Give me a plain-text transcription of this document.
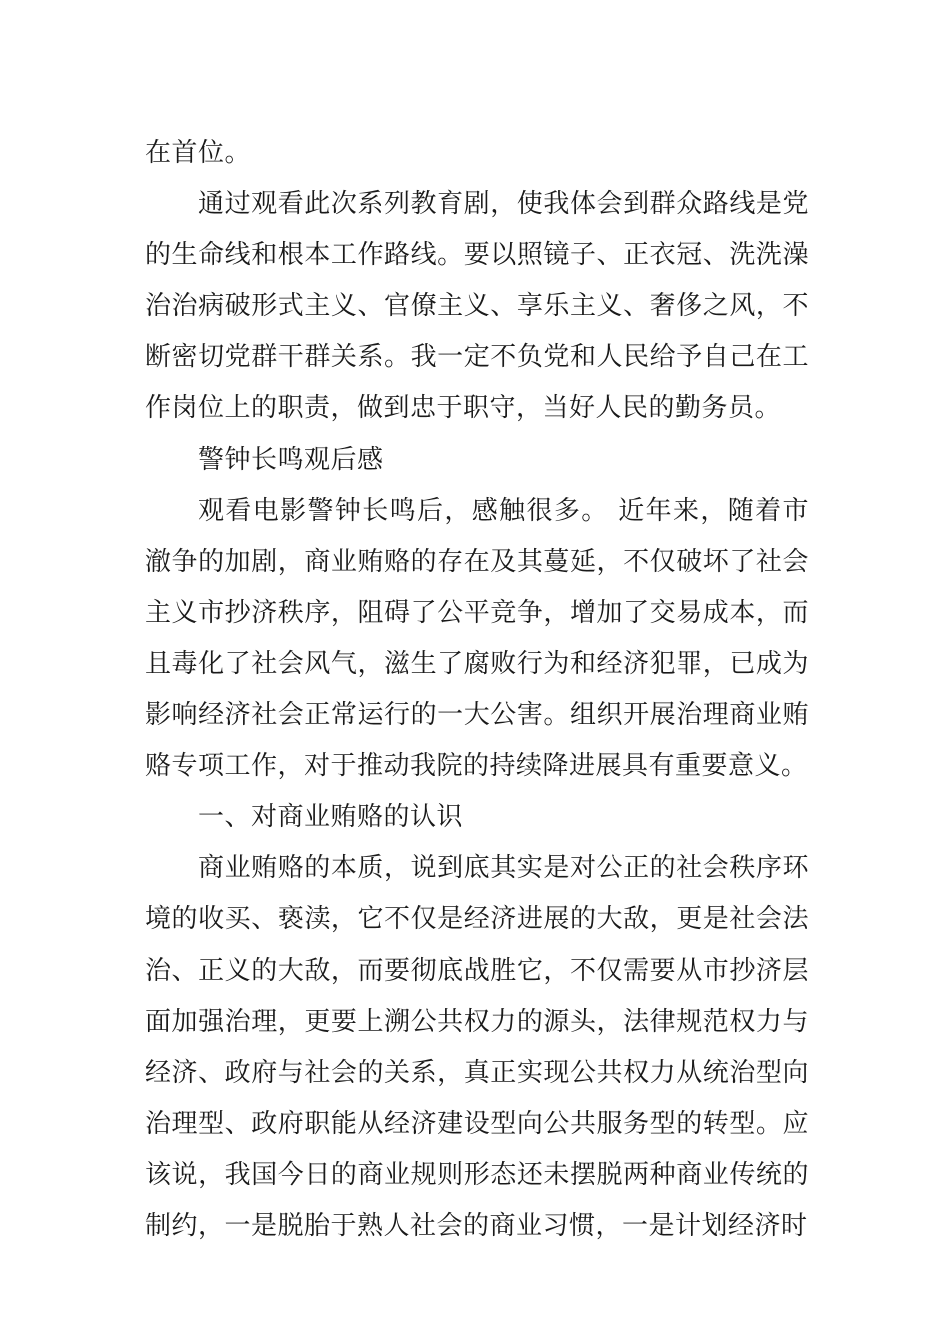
在首位。

通过观看此次系列教育剧，使我体会到群众路线是党的生命线和根本工作路线。要以照镜子、正衣冠、洗洗澡治治病破形式主义、官僚主义、享乐主义、奢侈之风，不断密切党群干群关系。我一定不负党和人民给予自己在工作岗位上的职责，做到忠于职守，当好人民的勤务员。

警钟长鸣观后感

观看电影警钟长鸣后，感触很多。 近年来，随着市澈争的加剧，商业贿赂的存在及其蔓延，不仅破坏了社会主义市抄济秩序，阻碍了公平竞争，增加了交易成本，而且毒化了社会风气，滋生了腐败行为和经济犯罪，已成为影响经济社会正常运行的一大公害。组织开展治理商业贿赂专项工作，对于推动我院的持续降进展具有重要意义。

一、对商业贿赂的认识

商业贿赂的本质，说到底其实是对公正的社会秩序环境的收买、亵渎，它不仅是经济进展的大敌，更是社会法治、正义的大敌，而要彻底战胜它，不仅需要从市抄济层面加强治理，更要上溯公共权力的源头，法律规范权力与经济、政府与社会的关系，真正实现公共权力从统治型向治理型、政府职能从经济建设型向公共服务型的转型。应该说，我国今日的商业规则形态还未摆脱两种商业传统的制约，一是脱胎于熟人社会的商业习惯，一是计划经济时
